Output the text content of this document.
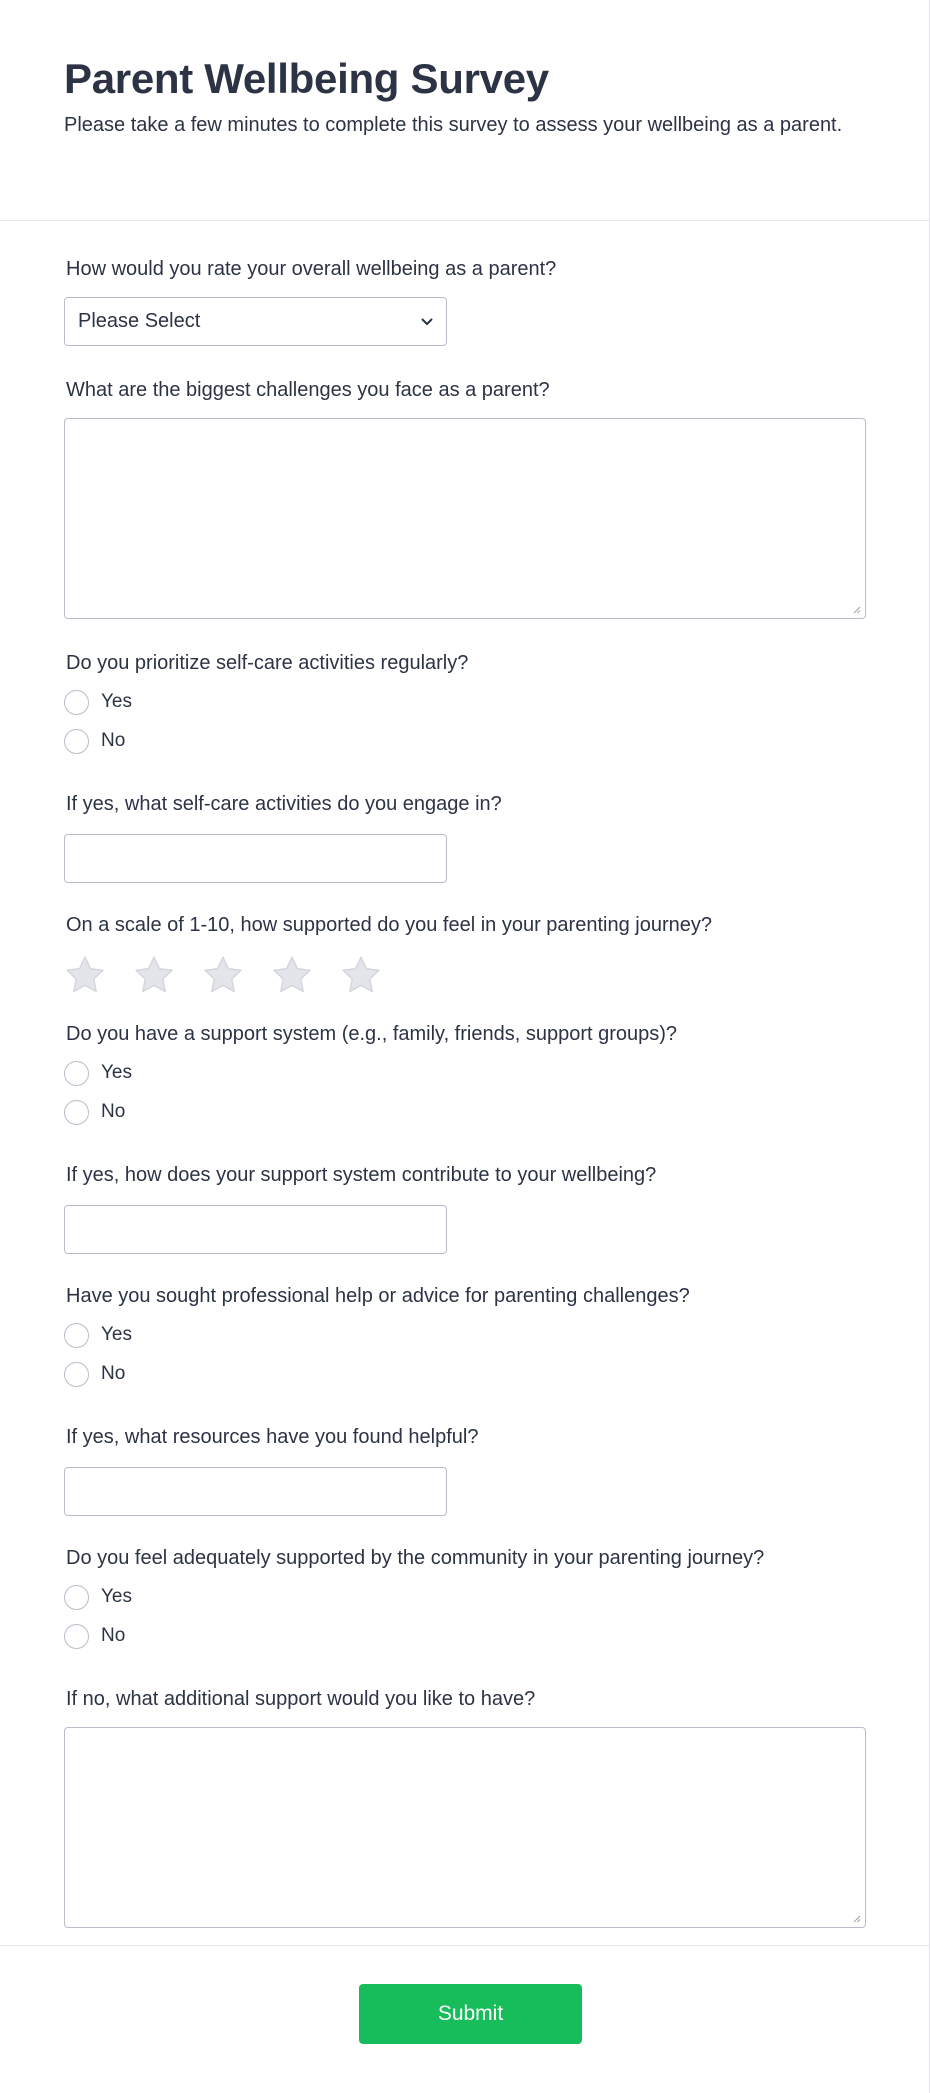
Parent Wellbeing Survey

Please take a few minutes to complete this survey to assess your wellbeing as a parent.

How would you rate your overall wellbeing as a parent?
Please Select
What are the biggest challenges you face as a parent?
Do you prioritize self-care activities regularly?
Yes
No
If yes, what self-care activities do you engage in?
On a scale of 1-10, how supported do you feel in your parenting journey?
Do you have a support system (e.g., family, friends, support groups)?
Yes
No
If yes, how does your support system contribute to your wellbeing?
Have you sought professional help or advice for parenting challenges?
Yes
No
If yes, what resources have you found helpful?
Do you feel adequately supported by the community in your parenting journey?
Yes
No
If no, what additional support would you like to have?
Submit
